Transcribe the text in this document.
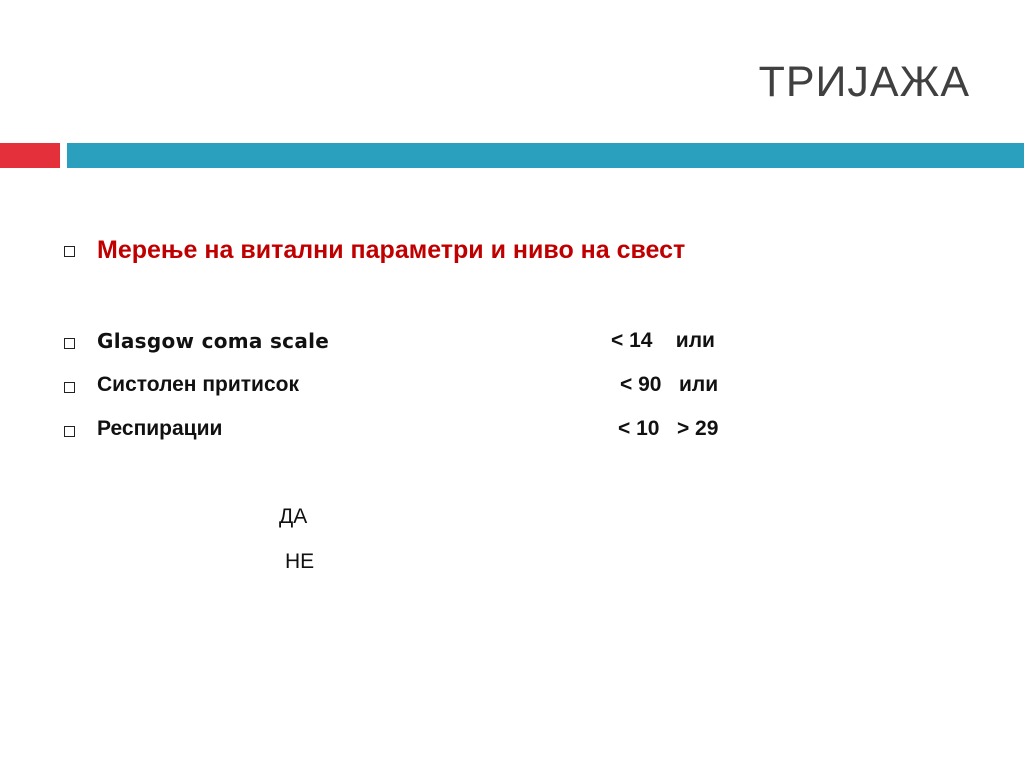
ТРИЈАЖА
Мерење на витални параметри и ниво на свест
Glasgow coma scale	< 14    или
Систолен притисок	< 90   или
Респирации	< 10   > 29
ДА
НЕ
